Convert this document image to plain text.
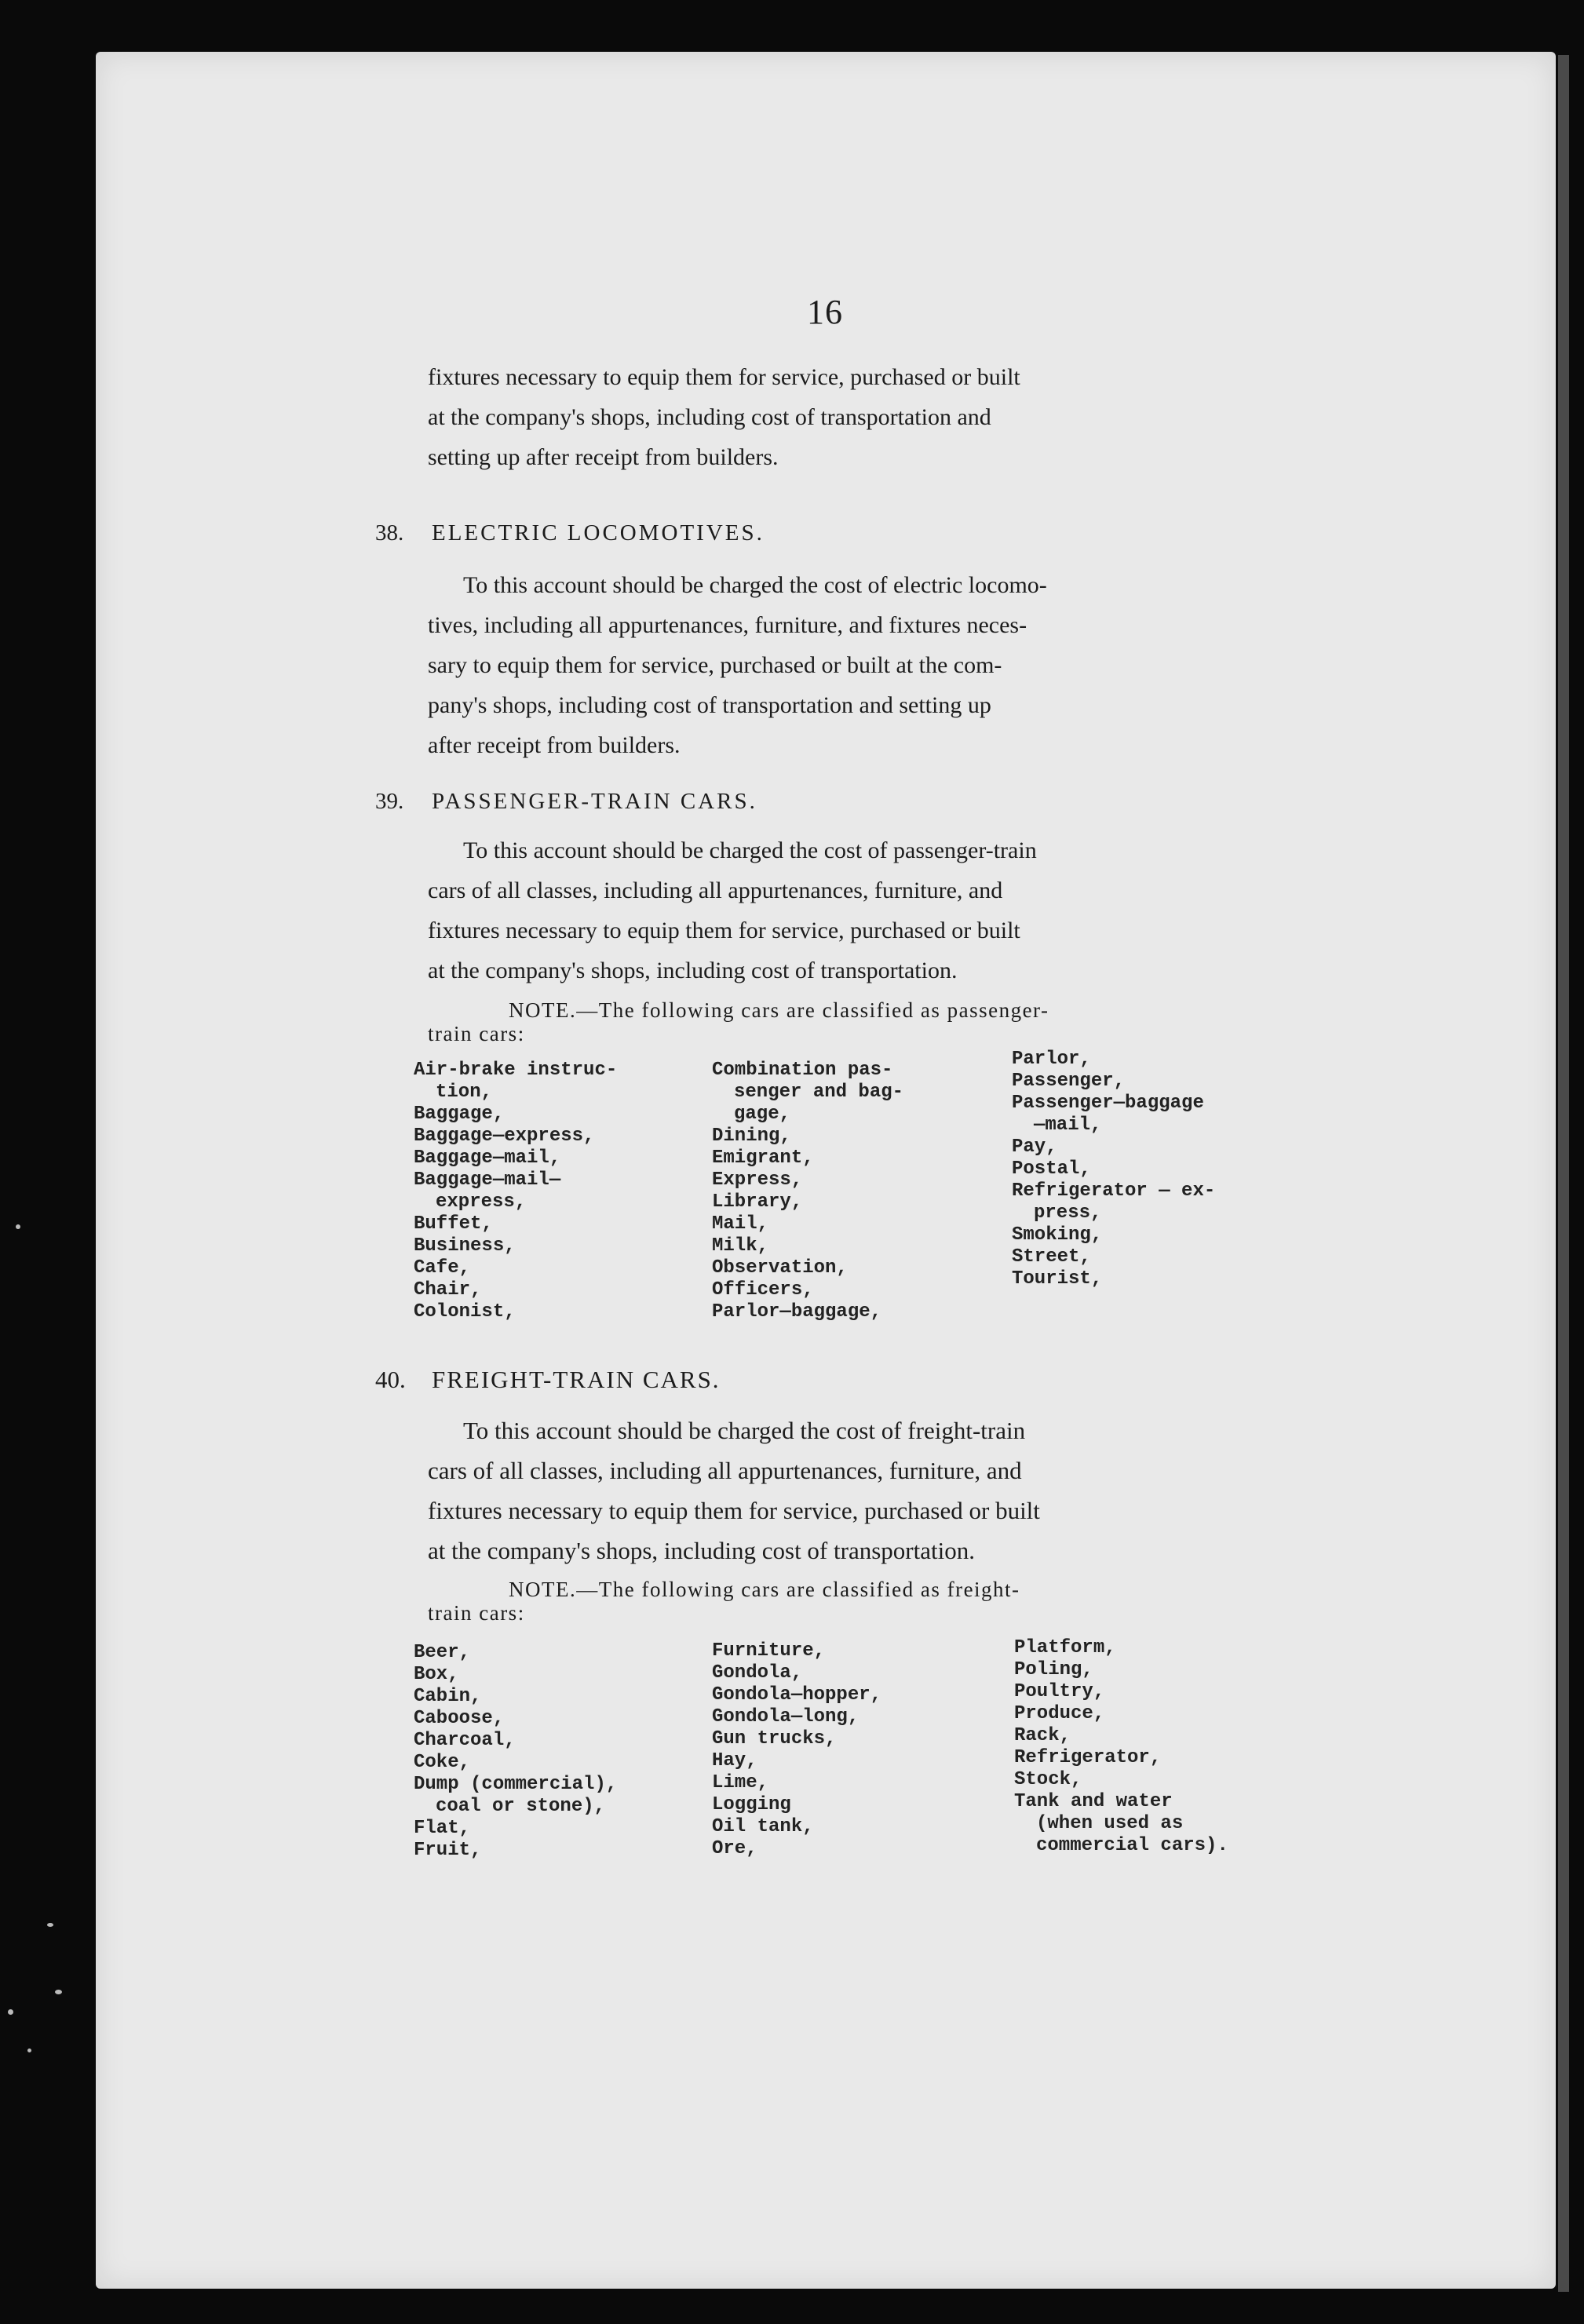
16
fixtures necessary to equip them for service, purchased or built
at the company's shops, including cost of transportation and
setting up after receipt from builders.
38. ELECTRIC LOCOMOTIVES.
To this account should be charged the cost of electric locomo-
tives, including all appurtenances, furniture, and fixtures neces-
sary to equip them for service, purchased or built at the com-
pany's shops, including cost of transportation and setting up
after receipt from builders.
39. PASSENGER-TRAIN CARS.
To this account should be charged the cost of passenger-train
cars of all classes, including all appurtenances, furniture, and
fixtures necessary to equip them for service, purchased or built
at the company's shops, including cost of transportation.
NOTE.—The following cars are classified as passenger-
train cars:
Air-brake instruc-
tion,
Baggage,
Baggage—express,
Baggage—mail,
Baggage—mail—
express,
Buffet,
Business,
Cafe,
Chair,
Colonist,
Combination pas-
senger and bag-
gage,
Dining,
Emigrant,
Express,
Library,
Mail,
Milk,
Observation,
Officers,
Parlor—baggage,
Parlor,
Passenger,
Passenger—baggage
—mail,
Pay,
Postal,
Refrigerator — ex-
press,
Smoking,
Street,
Tourist,
40. FREIGHT-TRAIN CARS.
To this account should be charged the cost of freight-train
cars of all classes, including all appurtenances, furniture, and
fixtures necessary to equip them for service, purchased or built
at the company's shops, including cost of transportation.
NOTE.—The following cars are classified as freight-
train cars:
Beer,
Box,
Cabin,
Caboose,
Charcoal,
Coke,
Dump (commercial),
coal or stone),
Flat,
Fruit,
Furniture,
Gondola,
Gondola—hopper,
Gondola—long,
Gun trucks,
Hay,
Lime,
Logging
Oil tank,
Ore,
Platform,
Poling,
Poultry,
Produce,
Rack,
Refrigerator,
Stock,
Tank and water
(when used as
commercial cars).
